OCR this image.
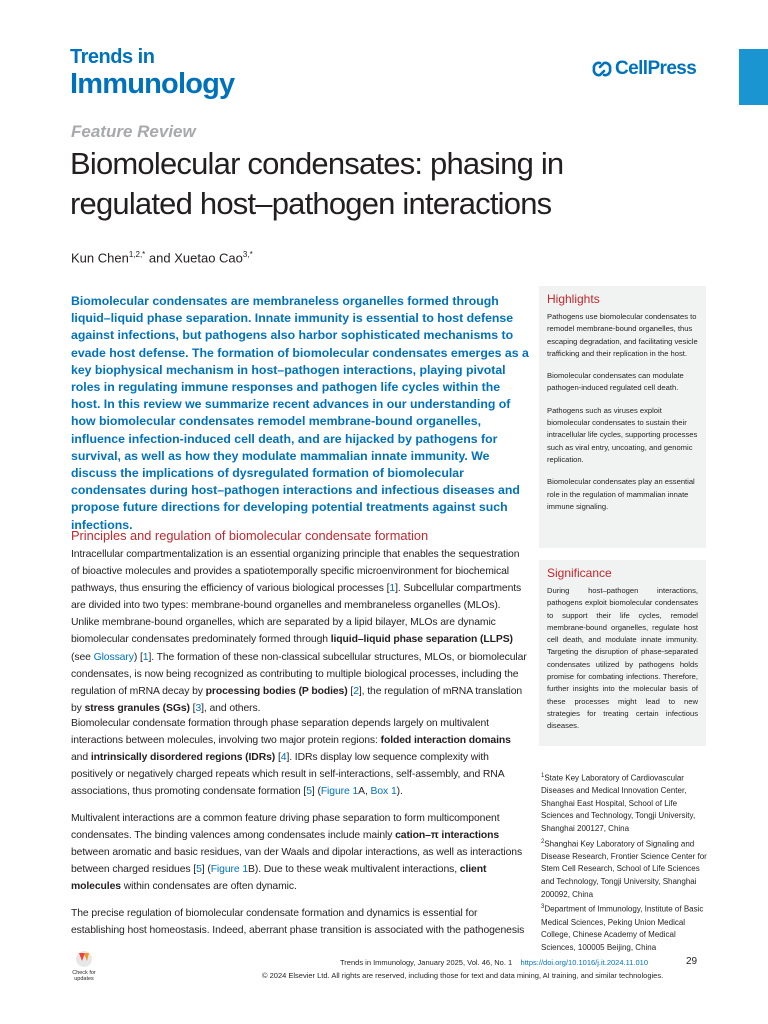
Trends in
Immunology	CellPress
Feature Review
Biomolecular condensates: phasing in regulated host–pathogen interactions
Kun Chen$^{1,2,*}$ and Xuetao Cao$^{3,*}$

Biomolecular condensates are membraneless organelles formed through liquid–liquid phase separation. Innate immunity is essential to host defense against infections, but pathogens also harbor sophisticated mechanisms to evade host defense. The formation of biomolecular condensates emerges as a key biophysical mechanism in host–pathogen interactions, playing pivotal roles in regulating immune responses and pathogen life cycles within the host. In this review we summarize recent advances in our understanding of how biomolecular condensates remodel membrane-bound organelles, influence infection-induced cell death, and are hijacked by pathogens for survival, as well as how they modulate mammalian innate immunity. We discuss the implications of dysregulated formation of biomolecular condensates during host–pathogen interactions and infectious diseases and propose future directions for developing potential treatments against such infections.

Principles and regulation of biomolecular condensate formation

Intracellular compartmentalization is an essential organizing principle that enables the sequestration of bioactive molecules and provides a spatiotemporally specific microenvironment for biochemical pathways, thus ensuring the efficiency of various biological processes [1]. Subcellular compartments are divided into two types: membrane-bound organelles and membraneless organelles (MLOs). Unlike membrane-bound organelles, which are separated by a lipid bilayer, MLOs are dynamic biomolecular condensates predominately formed through liquid–liquid phase separation (LLPS) (see Glossary) [1]. The formation of these non-classical subcellular structures, MLOs, or biomolecular condensates, is now being recognized as contributing to multiple biological processes, including the regulation of mRNA decay by processing bodies (P bodies) [2], the regulation of mRNA translation by stress granules (SGs) [3], and others.

Biomolecular condensate formation through phase separation depends largely on multivalent interactions between molecules, involving two major protein regions: folded interaction domains and intrinsically disordered regions (IDRs) [4]. IDRs display low sequence complexity with positively or negatively charged repeats which result in self-interactions, self-assembly, and RNA associations, thus promoting condensate formation [5] (Figure 1A, Box 1).

Multivalent interactions are a common feature driving phase separation to form multicomponent condensates. The binding valences among condensates include mainly cation–π interactions between aromatic and basic residues, van der Waals and dipolar interactions, as well as interactions between charged residues [5] (Figure 1B). Due to these weak multivalent interactions, client molecules within condensates are often dynamic.

The precise regulation of biomolecular condensate formation and dynamics is essential for establishing host homeostasis. Indeed, aberrant phase transition is associated with the pathogenesis

Highlights

Pathogens use biomolecular condensates to remodel membrane-bound organelles, thus escaping degradation, and facilitating vesicle trafficking and their replication in the host.

Biomolecular condensates can modulate pathogen-induced regulated cell death.

Pathogens such as viruses exploit biomolecular condensates to sustain their intracellular life cycles, supporting processes such as viral entry, uncoating, and genomic replication.

Biomolecular condensates play an essential role in the regulation of mammalian innate immune signaling.

Significance

During host–pathogen interactions, pathogens exploit biomolecular condensates to support their life cycles, remodel membrane-bound organelles, regulate host cell death, and modulate innate immunity. Targeting the disruption of phase-separated condensates utilized by pathogens holds promise for combating infections. Therefore, further insights into the molecular basis of these processes might lead to new strategies for treating certain infectious diseases.

$^1$State Key Laboratory of Cardiovascular Diseases and Medical Innovation Center, Shanghai East Hospital, School of Life Sciences and Technology, Tongji University, Shanghai 200127, China
$^2$Shanghai Key Laboratory of Signaling and Disease Research, Frontier Science Center for Stem Cell Research, School of Life Sciences and Technology, Tongji University, Shanghai 200092, China
$^3$Department of Immunology, Institute of Basic Medical Sciences, Peking Union Medical College, Chinese Academy of Medical Sciences, 100005 Beijing, China
Trends in Immunology, January 2025, Vol. 46, No. 1 https://doi.org/10.1016/j.it.2024.11.010	29
© 2024 Elsevier Ltd. All rights are reserved, including those for text and data mining, AI training, and similar technologies.
Check for updates
